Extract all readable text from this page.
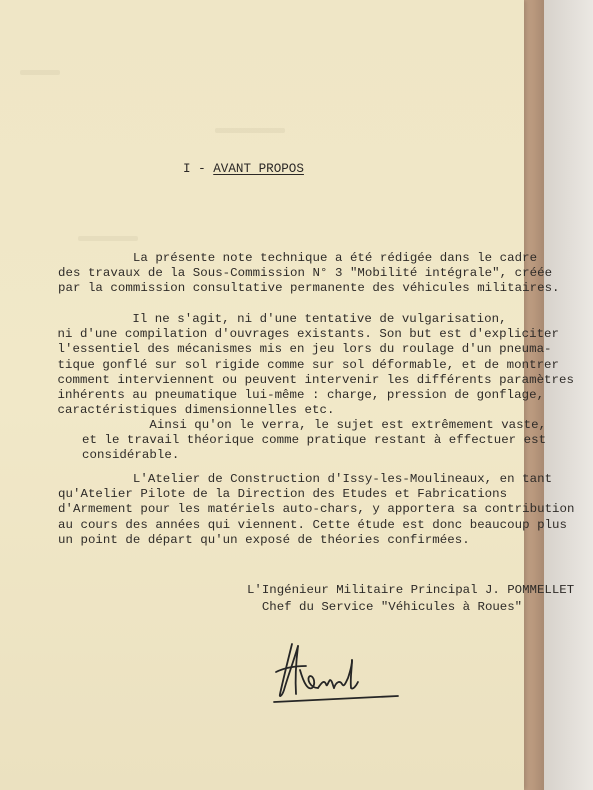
I - AVANT PROPOS
La présente note technique a été rédigée dans le cadre
des travaux de la Sous-Commission N° 3 "Mobilité intégrale", créée
par la commission consultative permanente des véhicules militaires.
Il ne s'agit, ni d'une tentative de vulgarisation,
ni d'une compilation d'ouvrages existants. Son but est d'expliciter
l'essentiel des mécanismes mis en jeu lors du roulage d'un pneuma-
tique gonflé sur sol rigide comme sur sol déformable, et de montrer
comment interviennent ou peuvent intervenir les différents paramètres
inhérents au pneumatique lui-même : charge, pression de gonflage,
caractéristiques dimensionnelles etc.
Ainsi qu'on le verra, le sujet est extrêmement vaste,
et le travail théorique comme pratique restant à effectuer est
considérable.
L'Atelier de Construction d'Issy-les-Moulineaux, en tant
qu'Atelier Pilote de la Direction des Etudes et Fabrications
d'Armement pour les matériels auto-chars, y apportera sa contribution
au cours des années qui viennent. Cette étude est donc beaucoup plus
un point de départ qu'un exposé de théories confirmées.
L'Ingénieur Militaire Principal J. POMMELLET
Chef du Service "Véhicules à Roues"
